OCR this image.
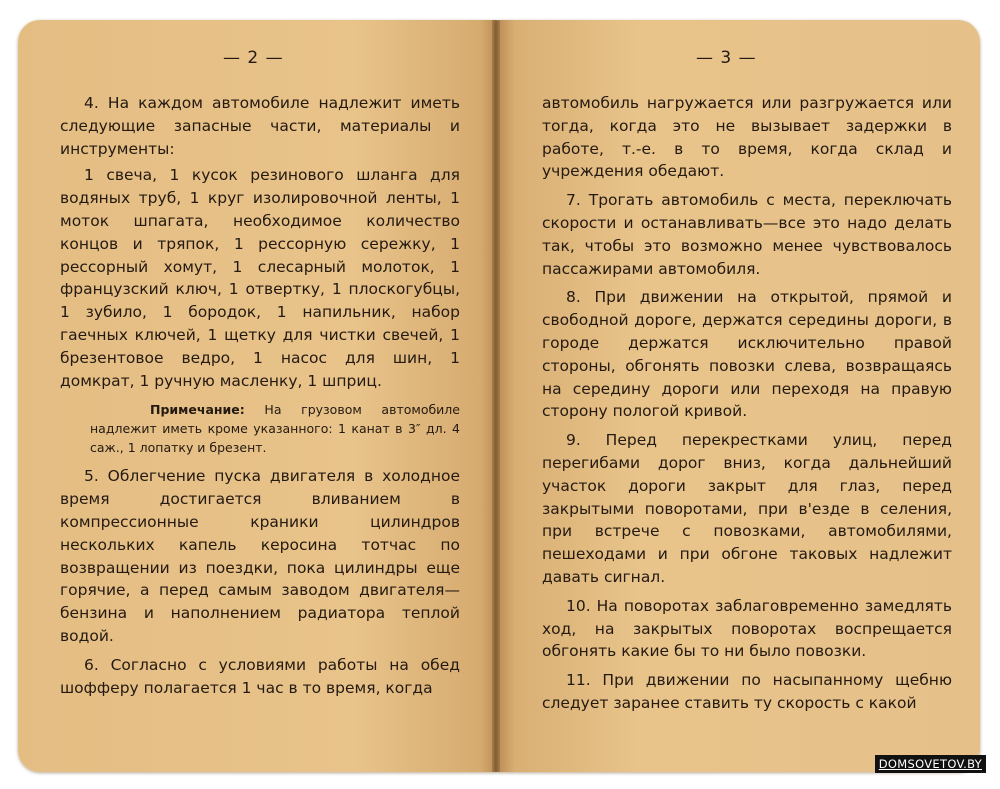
— 2 —

4. На каждом автомобиле надлежит иметь следующие запасные части, материалы и инструменты:

1 свеча, 1 кусок резинового шланга для водяных труб, 1 круг изолировочной ленты, 1 моток шпагата, необходимое количество концов и тряпок, 1 рессорную сережку, 1 рессорный хомут, 1 слесарный молоток, 1 французский ключ, 1 отвертку, 1 плоскогубцы, 1 зубило, 1 бородок, 1 напильник, набор гаечных ключей, 1 щетку для чистки свечей, 1 брезентовое ведро, 1 насос для шин, 1 домкрат, 1 ручную масленку, 1 шприц.

Примечание: На грузовом автомобиле надлежит иметь кроме указанного: 1 канат в 3″ дл. 4 саж., 1 лопатку и брезент.

5. Облегчение пуска двигателя в холодное время достигается вливанием в компрессионные краники цилиндров нескольких капель керосина тотчас по возвращении из поездки, пока цилиндры еще горячие, а перед самым заводом двигателя—бензина и наполнением радиатора теплой водой.

6. Согласно с условиями работы на обед шофферу полагается 1 час в то время, когда

— 3 —

автомобиль нагружается или разгружается или тогда, когда это не вызывает задержки в работе, т.-е. в то время, когда склад и учреждения обедают.

7. Трогать автомобиль с места, переключать скорости и останавливать—все это надо делать так, чтобы это возможно менее чувствовалось пассажирами автомобиля.

8. При движении на открытой, прямой и свободной дороге, держатся середины дороги, в городе держатся исключительно правой стороны, обгонять повозки слева, возвращаясь на середину дороги или переходя на правую сторону пологой кривой.

9. Перед перекрестками улиц, перед перегибами дорог вниз, когда дальнейший участок дороги закрыт для глаз, перед закрытыми поворотами, при в'езде в селения, при встрече с повозками, автомобилями, пешеходами и при обгоне таковых надлежит давать сигнал.

10. На поворотах заблаговременно замедлять ход, на закрытых поворотах воспрещается обгонять какие бы то ни было повозки.

11. При движении по насыпанному щебню следует заранее ставить ту скорость с какой

DOMSOVETOV.BY
